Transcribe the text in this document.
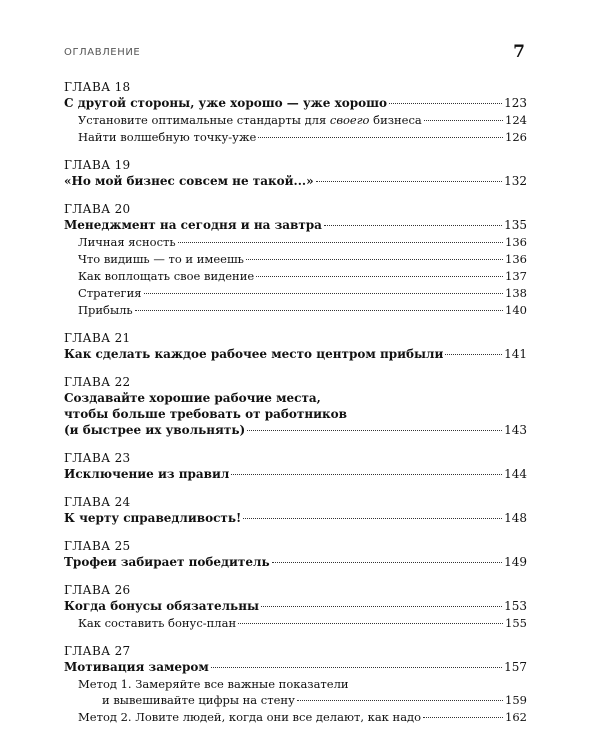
ОГЛАВЛЕНИЕ	7
ГЛАВА 18
С другой стороны, уже хорошо — уже хорошо	123
Установите оптимальные стандарты для своего бизнеса	124
Найти волшебную точку-уже	126
ГЛАВА 19
«Но мой бизнес совсем не такой...»	132
ГЛАВА 20
Менеджмент на сегодня и на завтра	135
Личная ясность	136
Что видишь — то и имеешь	136
Как воплощать свое видение	137
Стратегия	138
Прибыль	140
ГЛАВА 21
Как сделать каждое рабочее место центром прибыли	141
ГЛАВА 22
Создавайте хорошие рабочие места,
чтобы больше требовать от работников
(и быстрее их увольнять)	143
ГЛАВА 23
Исключение из правил	144
ГЛАВА 24
К черту справедливость!	148
ГЛАВА 25
Трофеи забирает победитель	149
ГЛАВА 26
Когда бонусы обязательны	153
Как составить бонус-план	155
ГЛАВА 27
Мотивация замером	157
Метод 1. Замеряйте все важные показатели
и вывешивайте цифры на стену	159
Метод 2. Ловите людей, когда они все делают, как надо	162
